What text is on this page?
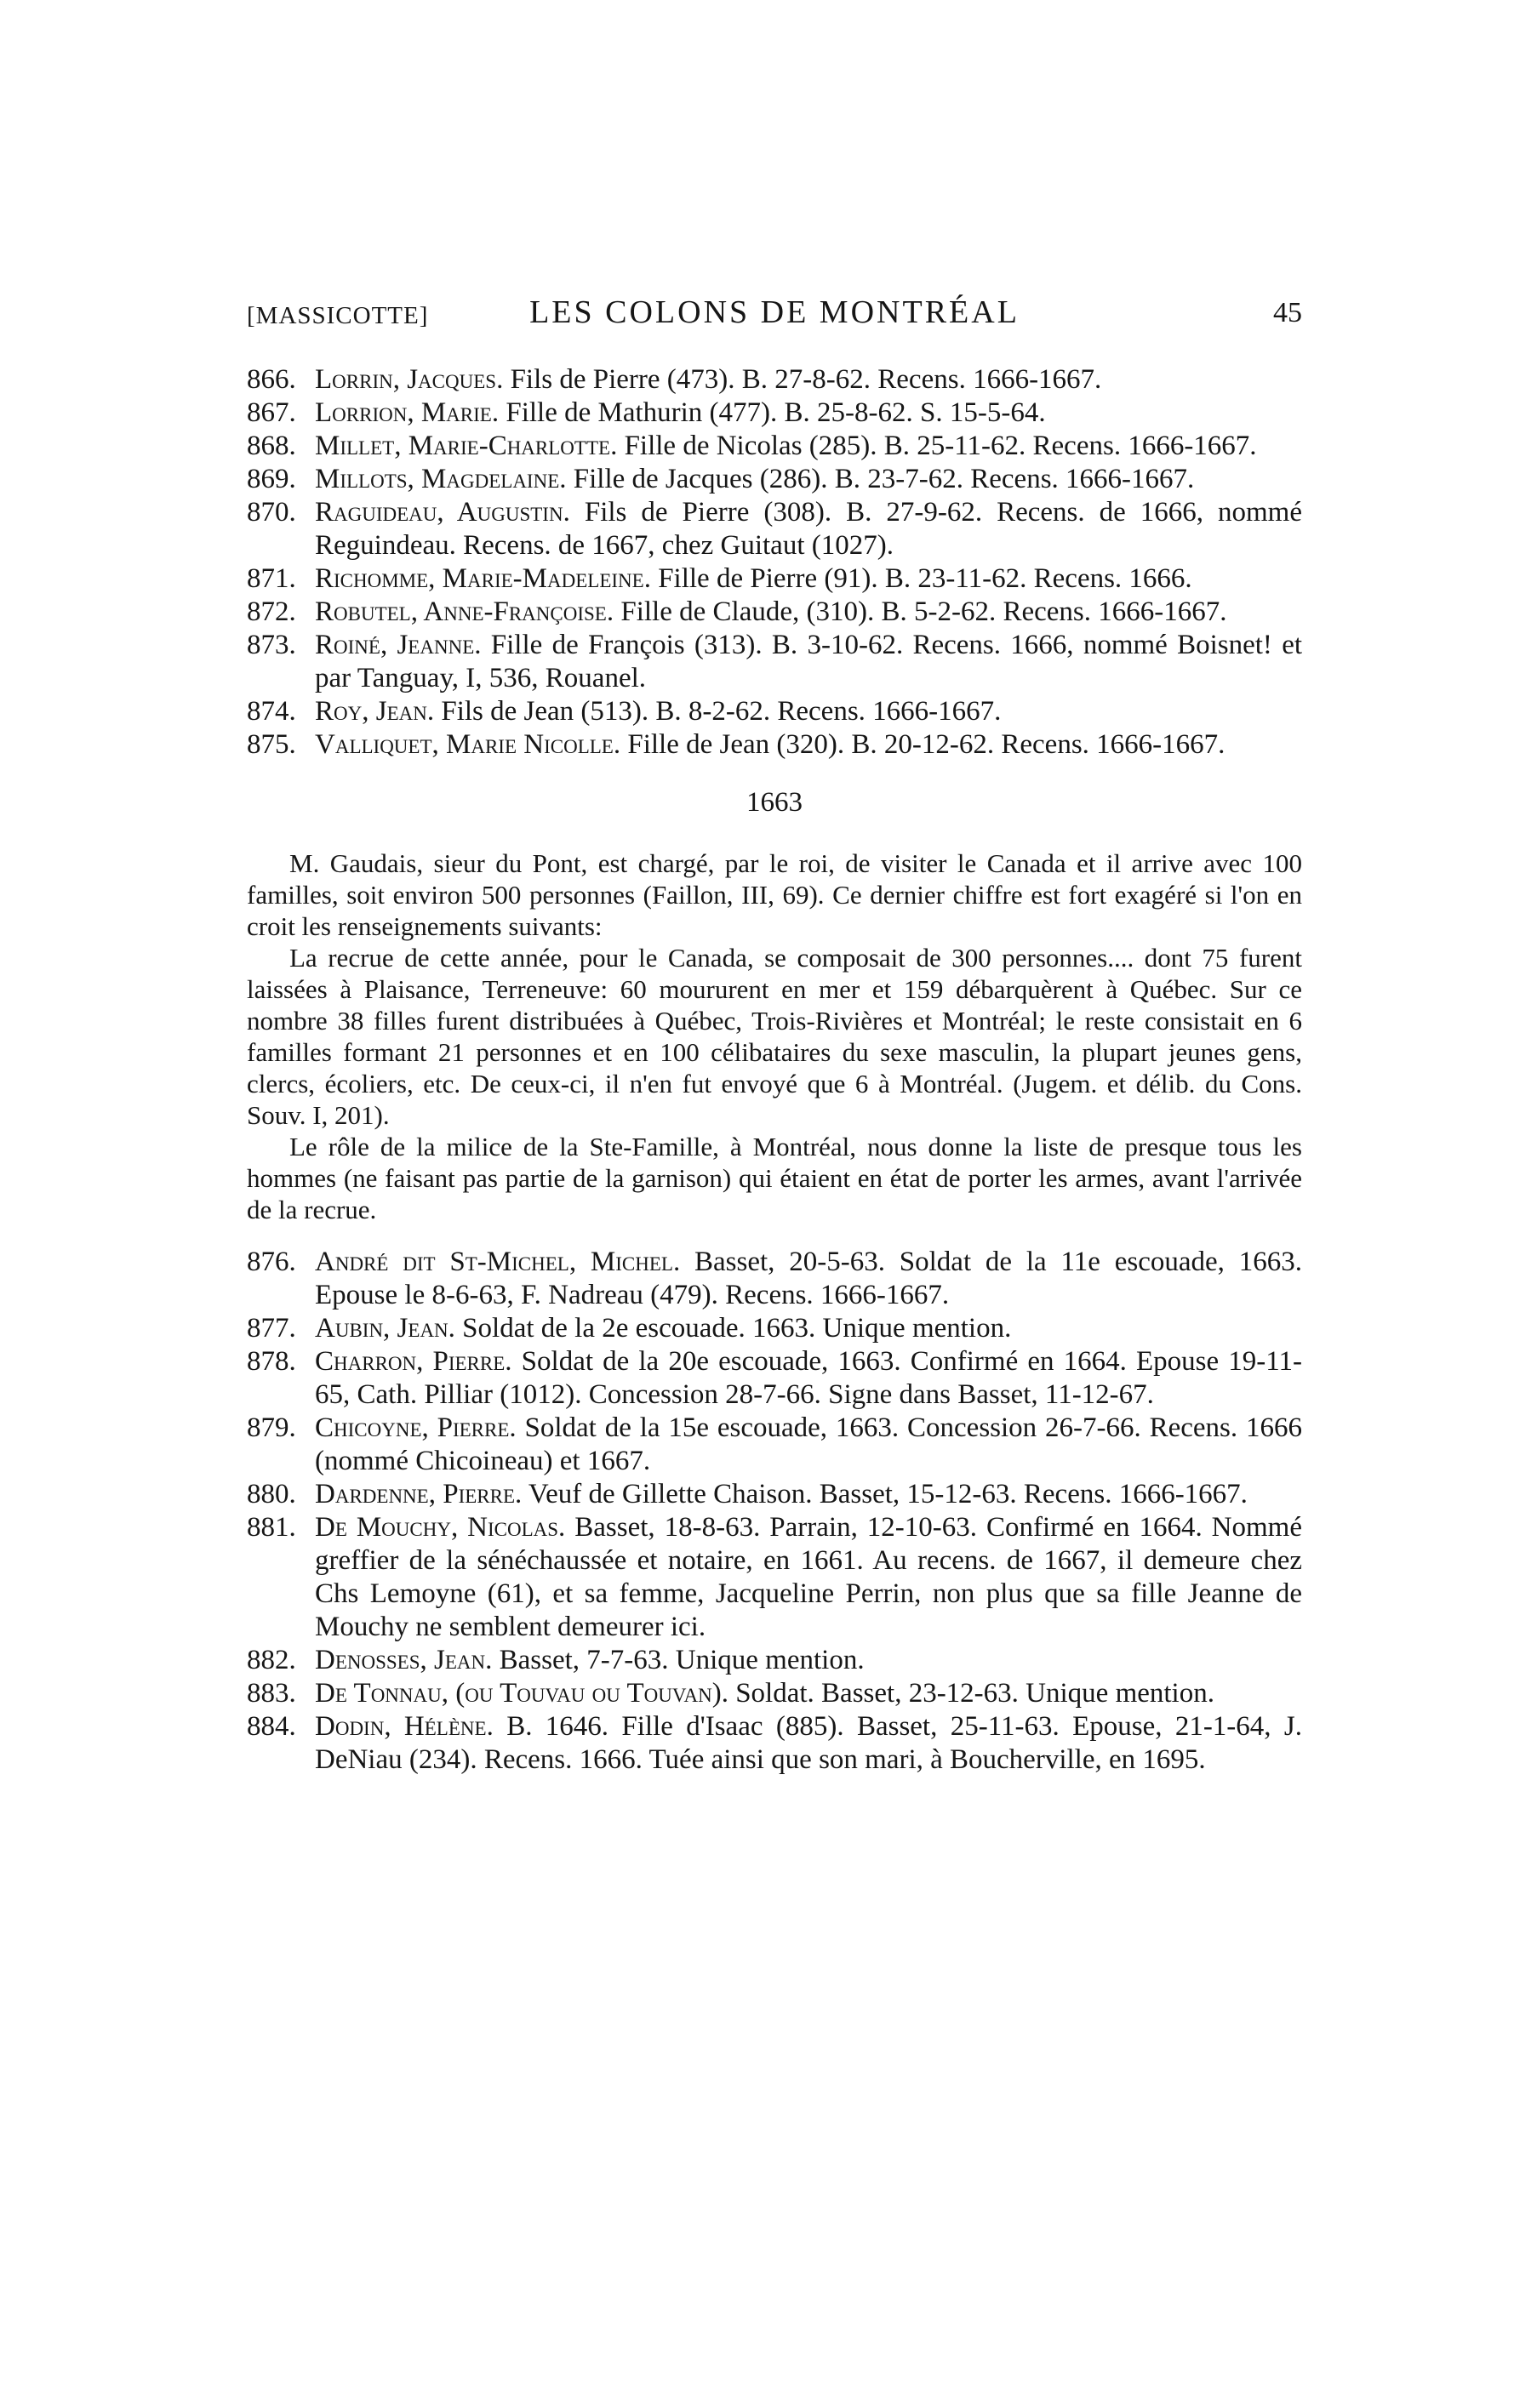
[MASSICOTTE]	LES COLONS DE MONTRÉAL	45
866. Lorrin, Jacques. Fils de Pierre (473). B. 27-8-62. Recens. 1666-1667.
867. Lorrion, Marie. Fille de Mathurin (477). B. 25-8-62. S. 15-5-64.
868. Millet, Marie-Charlotte. Fille de Nicolas (285). B. 25-11-62. Recens. 1666-1667.
869. Millots, Magdelaine. Fille de Jacques (286). B. 23-7-62. Recens. 1666-1667.
870. Raguideau, Augustin. Fils de Pierre (308). B. 27-9-62. Recens. de 1666, nommé Reguindeau. Recens. de 1667, chez Guitaut (1027).
871. Richomme, Marie-Madeleine. Fille de Pierre (91). B. 23-11-62. Recens. 1666.
872. Robutel, Anne-Françoise. Fille de Claude, (310). B. 5-2-62. Recens. 1666-1667.
873. Roiné, Jeanne. Fille de François (313). B. 3-10-62. Recens. 1666, nommé Boisnet! et par Tanguay, I, 536, Rouanel.
874. Roy, Jean. Fils de Jean (513). B. 8-2-62. Recens. 1666-1667.
875. Valliquet, Marie Nicolle. Fille de Jean (320). B. 20-12-62. Recens. 1666-1667.
1663

M. Gaudais, sieur du Pont, est chargé, par le roi, de visiter le Canada et il arrive avec 100 familles, soit environ 500 personnes (Faillon, III, 69). Ce dernier chiffre est fort exagéré si l'on en croit les renseignements suivants:

La recrue de cette année, pour le Canada, se composait de 300 personnes.... dont 75 furent laissées à Plaisance, Terreneuve: 60 moururent en mer et 159 débarquèrent à Québec. Sur ce nombre 38 filles furent distribuées à Québec, Trois-Rivières et Montréal; le reste consistait en 6 familles formant 21 personnes et en 100 célibataires du sexe masculin, la plupart jeunes gens, clercs, écoliers, etc. De ceux-ci, il n'en fut envoyé que 6 à Montréal. (Jugem. et délib. du Cons. Souv. I, 201).

Le rôle de la milice de la Ste-Famille, à Montréal, nous donne la liste de presque tous les hommes (ne faisant pas partie de la garnison) qui étaient en état de porter les armes, avant l'arrivée de la recrue.

876. André dit St-Michel, Michel. Basset, 20-5-63. Soldat de la 11e escouade, 1663. Epouse le 8-6-63, F. Nadreau (479). Recens. 1666-1667.
877. Aubin, Jean. Soldat de la 2e escouade. 1663. Unique mention.
878. Charron, Pierre. Soldat de la 20e escouade, 1663. Confirmé en 1664. Epouse 19-11-65, Cath. Pilliar (1012). Concession 28-7-66. Signe dans Basset, 11-12-67.
879. Chicoyne, Pierre. Soldat de la 15e escouade, 1663. Concession 26-7-66. Recens. 1666 (nommé Chicoineau) et 1667.
880. Dardenne, Pierre. Veuf de Gillette Chaison. Basset, 15-12-63. Recens. 1666-1667.
881. De Mouchy, Nicolas. Basset, 18-8-63. Parrain, 12-10-63. Confirmé en 1664. Nommé greffier de la sénéchaussée et notaire, en 1661. Au recens. de 1667, il demeure chez Chs Lemoyne (61), et sa femme, Jacqueline Perrin, non plus que sa fille Jeanne de Mouchy ne semblent demeurer ici.
882. Denosses, Jean. Basset, 7-7-63. Unique mention.
883. De Tonnau, (ou Touvau ou Touvan). Soldat. Basset, 23-12-63. Unique mention.
884. Dodin, Hélène. B. 1646. Fille d'Isaac (885). Basset, 25-11-63. Epouse, 21-1-64, J. DeNiau (234). Recens. 1666. Tuée ainsi que son mari, à Boucherville, en 1695.
